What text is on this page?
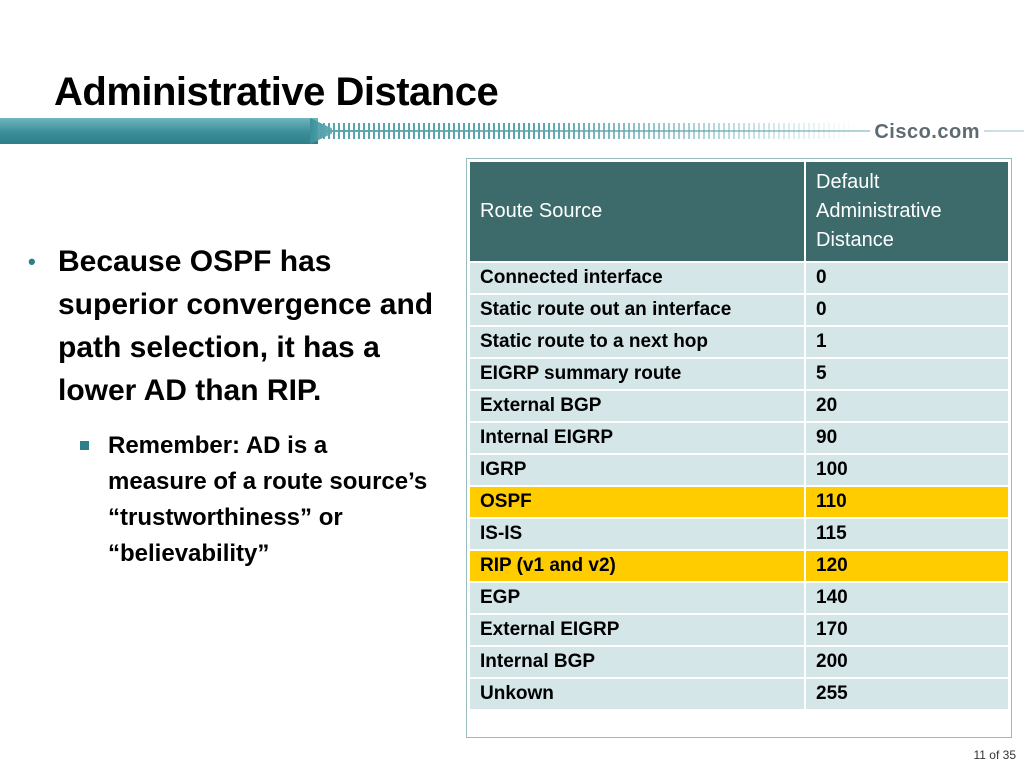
Administrative Distance
Cisco.com
• Because OSPF has superior convergence and path selection, it has a lower AD than RIP.
Remember: AD is a measure of a route source’s “trustworthiness” or “believability”
Route Source	Default Administrative Distance
Connected interface	0
Static route out an interface	0
Static route to a next hop	1
EIGRP summary route	5
External BGP	20
Internal EIGRP	90
IGRP	100
OSPF	110
IS-IS	115
RIP (v1 and v2)	120
EGP	140
External EIGRP	170
Internal BGP	200
Unkown	255
11 of 35
